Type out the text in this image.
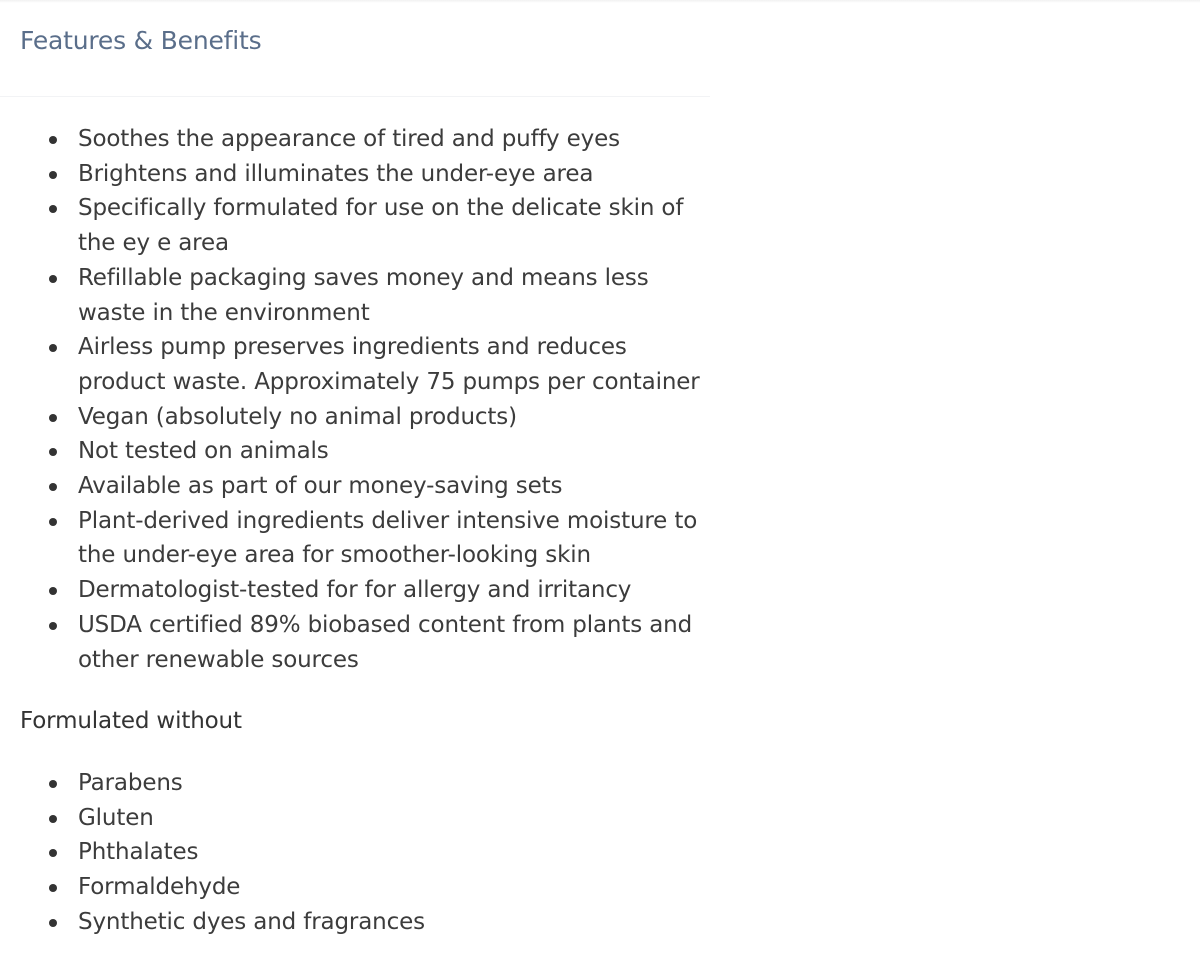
Features & Benefits
Soothes the appearance of tired and puffy eyes
Brightens and illuminates the under-eye area
Specifically formulated for use on the delicate skin of the ey e area
Refillable packaging saves money and means less waste in the environment
Airless pump preserves ingredients and reduces product waste. Approximately 75 pumps per container
Vegan (absolutely no animal products)
Not tested on animals
Available as part of our money-saving sets
Plant-derived ingredients deliver intensive moisture to the under-eye area for smoother-looking skin
Dermatologist-tested for for allergy and irritancy
USDA certified 89% biobased content from plants and other renewable sources

Formulated without

Parabens
Gluten
Phthalates
Formaldehyde
Synthetic dyes and fragrances
